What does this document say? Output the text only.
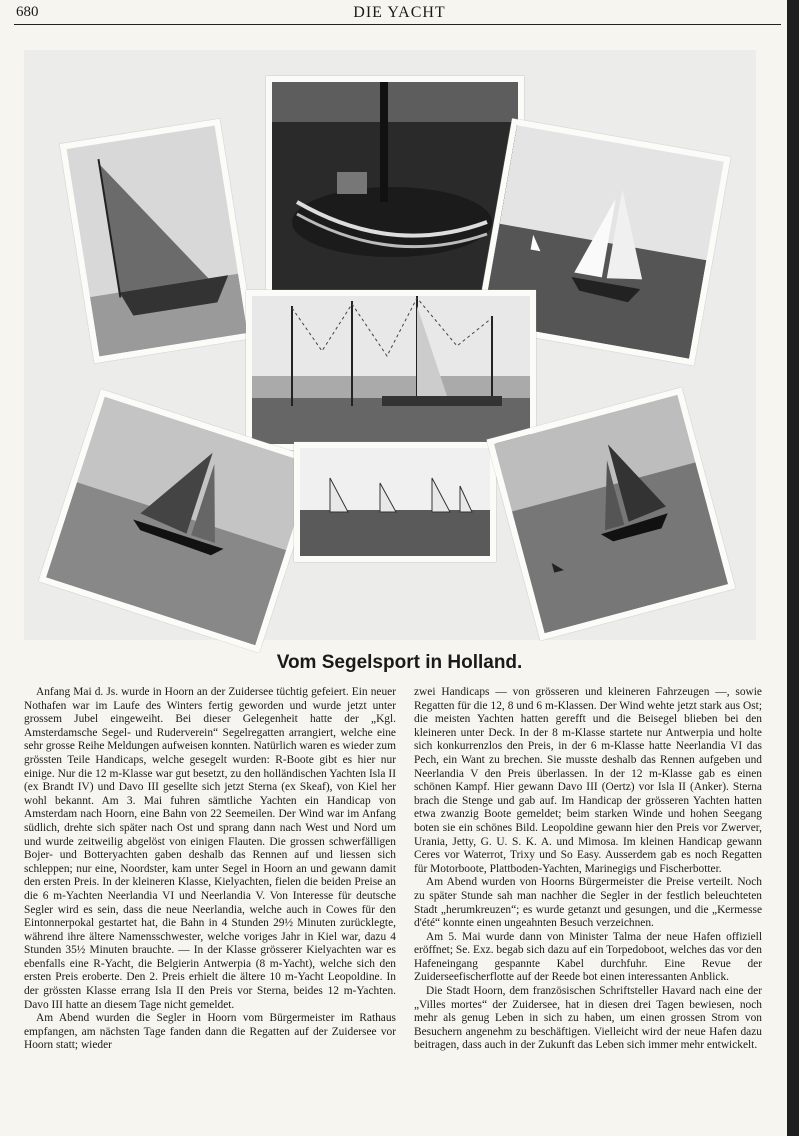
680	DIE YACHT
Vom Segelsport in Holland.

Anfang Mai d. Js. wurde in Hoorn an der Zuidersee tüchtig gefeiert. Ein neuer Nothafen war im Laufe des Winters fertig geworden und wurde jetzt unter grossem Jubel eingeweiht. Bei dieser Gelegenheit hatte der „Kgl. Amsterdamsche Segel- und Ruderverein“ Segelregatten arrangiert, welche eine sehr grosse Reihe Meldungen aufweisen konnten. Natürlich waren es wieder zum grössten Teile Handicaps, welche gesegelt wurden: R-Boote gibt es hier nur einige. Nur die 12 m-Klasse war gut besetzt, zu den holländischen Yachten Isla II (ex Brandt IV) und Davo III gesellte sich jetzt Sterna (ex Skeaf), von Kiel her wohl bekannt. Am 3. Mai fuhren sämtliche Yachten ein Handicap von Amsterdam nach Hoorn, eine Bahn von 22 Seemeilen. Der Wind war im Anfang südlich, drehte sich später nach Ost und sprang dann nach West und Nord um und wurde zeitweilig abgelöst von einigen Flauten. Die grossen schwerfälligen Bojer- und Botteryachten gaben deshalb das Rennen auf und liessen sich schleppen; nur eine, Noordster, kam unter Segel in Hoorn an und gewann damit den ersten Preis. In der kleineren Klasse, Kielyachten, fielen die beiden Preise an die 6 m-Yachten Neerlandia VI und Neerlandia V. Von Interesse für deutsche Segler wird es sein, dass die neue Neerlandia, welche auch in Cowes für den Eintonnerpokal gestartet hat, die Bahn in 4 Stunden 29½ Minuten zurücklegte, während ihre ältere Namensschwester, welche voriges Jahr in Kiel war, dazu 4 Stunden 35½ Minuten brauchte. — In der Klasse grösserer Kielyachten war es ebenfalls eine R-Yacht, die Belgierin Antwerpia (8 m-Yacht), welche sich den ersten Preis eroberte. Den 2. Preis erhielt die ältere 10 m-Yacht Leopoldine. In der grössten Klasse errang Isla II den Preis vor Sterna, beides 12 m-Yachten. Davo III hatte an diesem Tage nicht gemeldet.

Am Abend wurden die Segler in Hoorn vom Bürgermeister im Rathaus empfangen, am nächsten Tage fanden dann die Regatten auf der Zuidersee vor Hoorn statt; wieder

zwei Handicaps — von grösseren und kleineren Fahrzeugen —, sowie Regatten für die 12, 8 und 6 m-Klassen. Der Wind wehte jetzt stark aus Ost; die meisten Yachten hatten gerefft und die Beisegel blieben bei den kleineren unter Deck. In der 8 m-Klasse startete nur Antwerpia und holte sich konkurrenzlos den Preis, in der 6 m-Klasse hatte Neerlandia VI das Pech, ein Want zu brechen. Sie musste deshalb das Rennen aufgeben und Neerlandia V den Preis überlassen. In der 12 m-Klasse gab es einen schönen Kampf. Hier gewann Davo III (Oertz) vor Isla II (Anker). Sterna brach die Stenge und gab auf. Im Handicap der grösseren Yachten hatten etwa zwanzig Boote gemeldet; beim starken Winde und hohen Seegang boten sie ein schönes Bild. Leopoldine gewann hier den Preis vor Zwerver, Urania, Jetty, G. U. S. K. A. und Mimosa. Im kleinen Handicap gewann Ceres vor Waterrot, Trixy und So Easy. Ausserdem gab es noch Regatten für Motorboote, Plattboden-Yachten, Marinegigs und Fischerbotter.

Am Abend wurden von Hoorns Bürgermeister die Preise verteilt. Noch zu später Stunde sah man nachher die Segler in der festlich beleuchteten Stadt „herumkreuzen“; es wurde getanzt und gesungen, und die „Kermesse d'été“ konnte einen ungeahnten Besuch verzeichnen.

Am 5. Mai wurde dann von Minister Talma der neue Hafen offiziell eröffnet; Se. Exz. begab sich dazu auf ein Torpedoboot, welches das vor den Hafeneingang gespannte Kabel durchfuhr. Eine Revue der Zuiderseefischerflotte auf der Reede bot einen interessanten Anblick.

Die Stadt Hoorn, dem französischen Schriftsteller Havard nach eine der „Villes mortes“ der Zuidersee, hat in diesen drei Tagen bewiesen, noch mehr als genug Leben in sich zu haben, um einen grossen Strom von Besuchern angenehm zu beschäftigen. Vielleicht wird der neue Hafen dazu beitragen, dass auch in der Zukunft das Leben sich immer mehr entwickelt.
